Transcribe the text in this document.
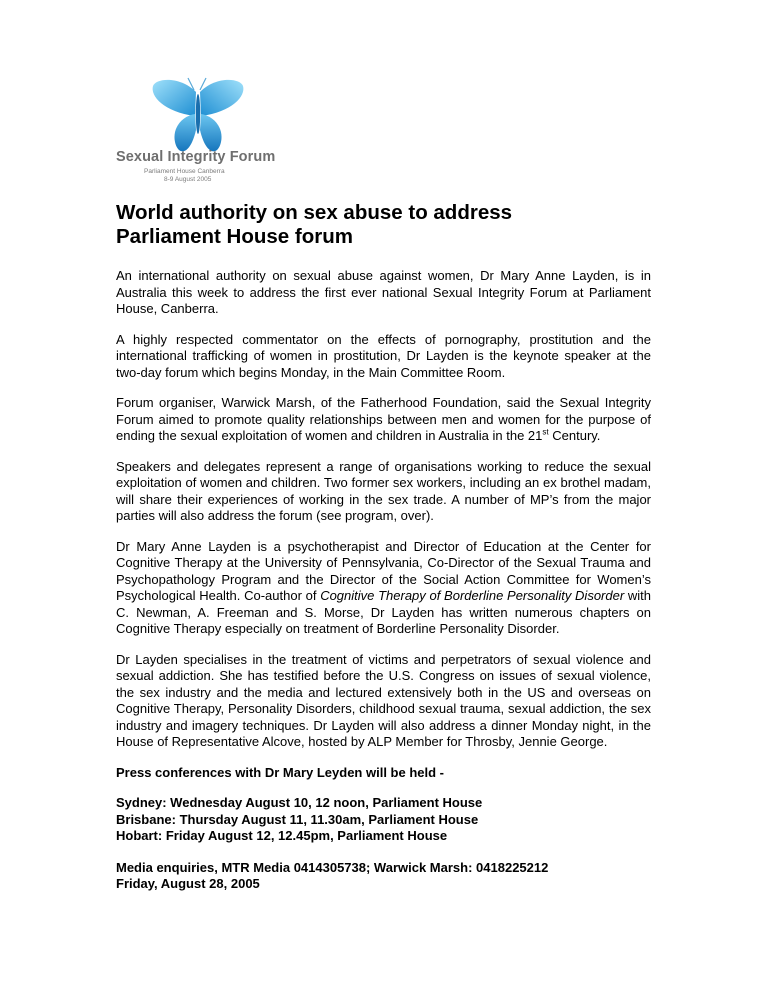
Sexual Integrity Forum
Parliament House Canberra
8-9 August 2005
World authority on sex abuse to address
Parliament House forum

An international authority on sexual abuse against women, Dr Mary Anne Layden, is in Australia this week to address the first ever national Sexual Integrity Forum at Parliament House, Canberra.

A highly respected commentator on the effects of pornography, prostitution and the international trafficking of women in prostitution, Dr Layden is the keynote speaker at the two-day forum which begins Monday, in the Main Committee Room.

Forum organiser, Warwick Marsh, of the Fatherhood Foundation, said the Sexual Integrity Forum aimed to promote quality relationships between men and women for the purpose of ending the sexual exploitation of women and children in Australia in the 21st Century.

Speakers and delegates represent a range of organisations working to reduce the sexual exploitation of women and children. Two former sex workers, including an ex brothel madam, will share their experiences of working in the sex trade. A number of MP’s from the major parties will also address the forum (see program, over).

Dr Mary Anne Layden is a psychotherapist and Director of Education at the Center for Cognitive Therapy at the University of Pennsylvania, Co-Director of the Sexual Trauma and Psychopathology Program and the Director of the Social Action Committee for Women’s Psychological Health. Co-author of Cognitive Therapy of Borderline Personality Disorder with C. Newman, A. Freeman and S. Morse, Dr Layden has written numerous chapters on Cognitive Therapy especially on treatment of Borderline Personality Disorder.

Dr Layden specialises in the treatment of victims and perpetrators of sexual violence and sexual addiction. She has testified before the U.S. Congress on issues of sexual violence, the sex industry and the media and lectured extensively both in the US and overseas on Cognitive Therapy, Personality Disorders, childhood sexual trauma, sexual addiction, the sex industry and imagery techniques. Dr Layden will also address a dinner Monday night, in the House of Representative Alcove, hosted by ALP Member for Throsby, Jennie George.

Press conferences with Dr Mary Leyden will be held -

Sydney: Wednesday August 10, 12 noon, Parliament House
Brisbane: Thursday August 11, 11.30am, Parliament House
Hobart: Friday August 12, 12.45pm, Parliament House
Media enquiries, MTR Media 0414305738; Warwick Marsh: 0418225212
Friday, August 28, 2005
